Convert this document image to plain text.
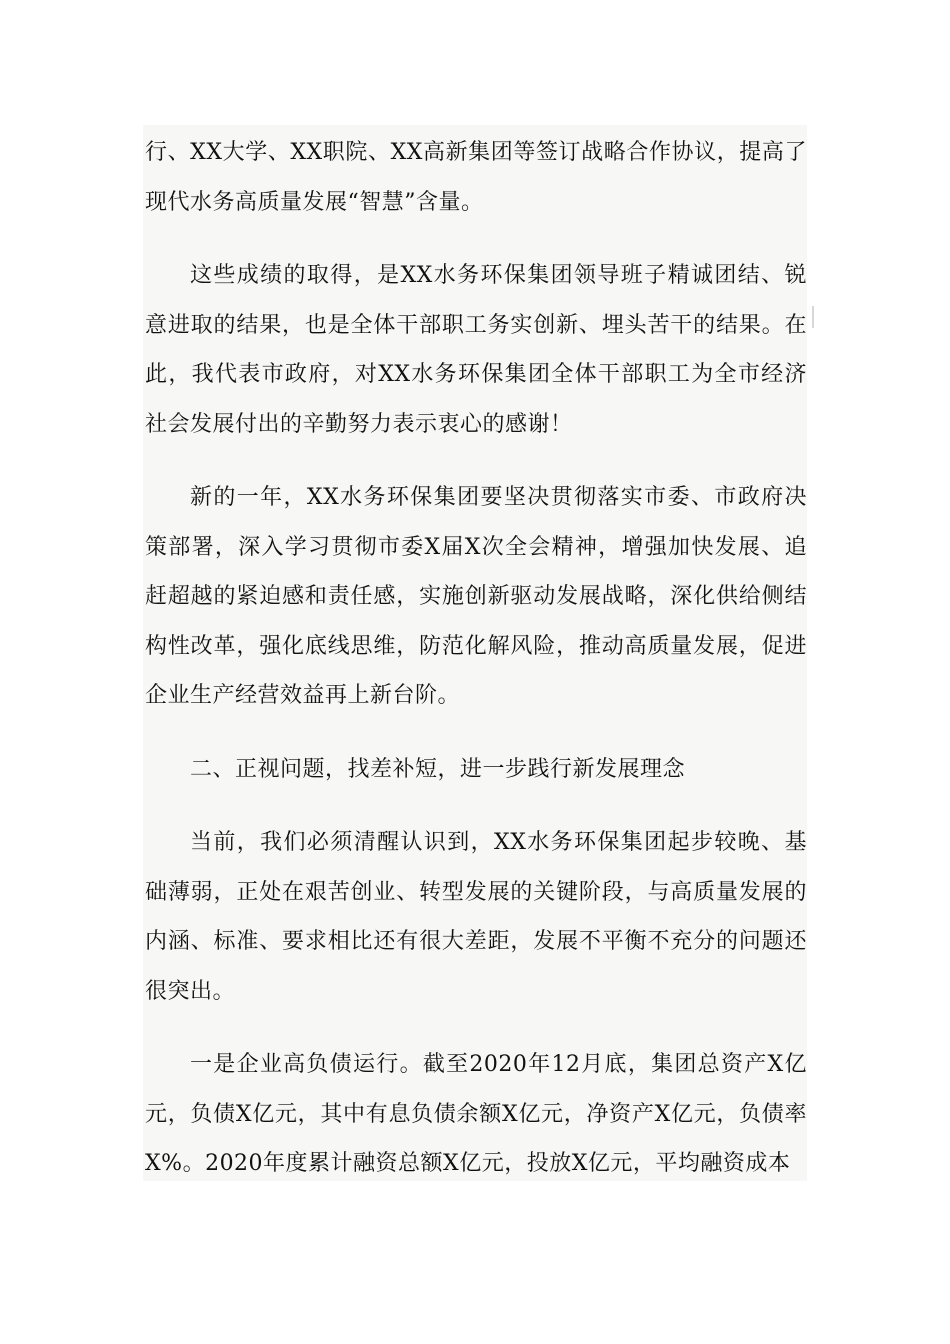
行、XX大学、XX职院、XX高新集团等签订战略合作协议，提高了现代水务高质量发展“智慧”含量。

这些成绩的取得，是XX水务环保集团领导班子精诚团结、锐意进取的结果，也是全体干部职工务实创新、埋头苦干的结果。在此，我代表市政府，对XX水务环保集团全体干部职工为全市经济社会发展付出的辛勤努力表示衷心的感谢！

新的一年，XX水务环保集团要坚决贯彻落实市委、市政府决策部署，深入学习贯彻市委X届X次全会精神，增强加快发展、追赶超越的紧迫感和责任感，实施创新驱动发展战略，深化供给侧结构性改革，强化底线思维，防范化解风险，推动高质量发展，促进企业生产经营效益再上新台阶。

二、正视问题，找差补短，进一步践行新发展理念

当前，我们必须清醒认识到，XX水务环保集团起步较晚、基础薄弱，正处在艰苦创业、转型发展的关键阶段，与高质量发展的内涵、标准、要求相比还有很大差距，发展不平衡不充分的问题还很突出。

一是企业高负债运行。截至2020年12月底，集团总资产X亿元，负债X亿元，其中有息负债余额X亿元，净资产X亿元，负债率X%。2020年度累计融资总额X亿元，投放X亿元，平均融资成本
